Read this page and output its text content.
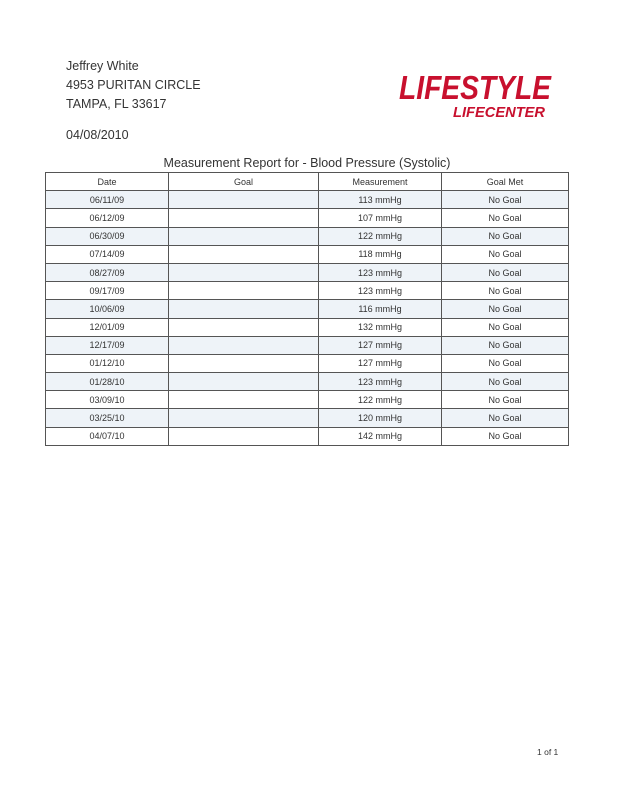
Jeffrey White
4953 PURITAN CIRCLE
TAMPA, FL 33617
04/08/2010
LIFESTYLE
LIFECENTER
Measurement Report for - Blood Pressure (Systolic)
Date	Goal	Measurement	Goal Met
06/11/09		113 mmHg	No Goal
06/12/09		107 mmHg	No Goal
06/30/09		122 mmHg	No Goal
07/14/09		118 mmHg	No Goal
08/27/09		123 mmHg	No Goal
09/17/09		123 mmHg	No Goal
10/06/09		116 mmHg	No Goal
12/01/09		132 mmHg	No Goal
12/17/09		127 mmHg	No Goal
01/12/10		127 mmHg	No Goal
01/28/10		123 mmHg	No Goal
03/09/10		122 mmHg	No Goal
03/25/10		120 mmHg	No Goal
04/07/10		142 mmHg	No Goal
1 of 1
